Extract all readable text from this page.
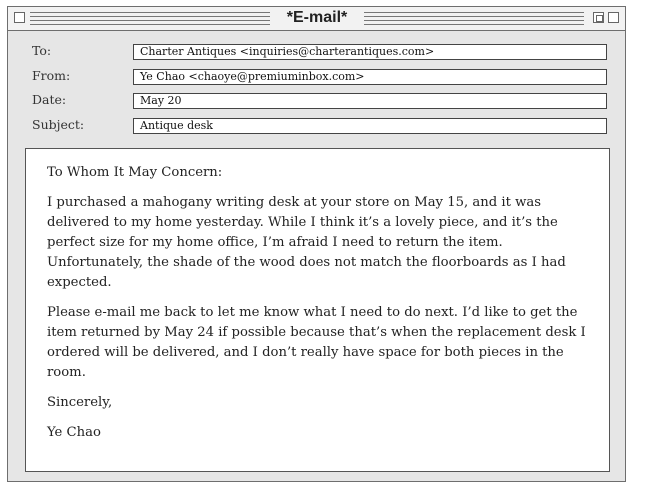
*E-mail*
To:	Charter Antiques <inquiries@charterantiques.com>
From:	Ye Chao <chaoye@premiuminbox.com>
Date:	May 20
Subject:	Antique desk

To Whom It May Concern:

I purchased a mahogany writing desk at your store on May 15, and it was delivered to my home yesterday. While I think it’s a lovely piece, and it’s the perfect size for my home office, I’m afraid I need to return the item. Unfortunately, the shade of the wood does not match the floorboards as I had expected.

Please e-mail me back to let me know what I need to do next. I’d like to get the item returned by May 24 if possible because that’s when the replacement desk I ordered will be delivered, and I don’t really have space for both pieces in the room.

Sincerely,

Ye Chao
